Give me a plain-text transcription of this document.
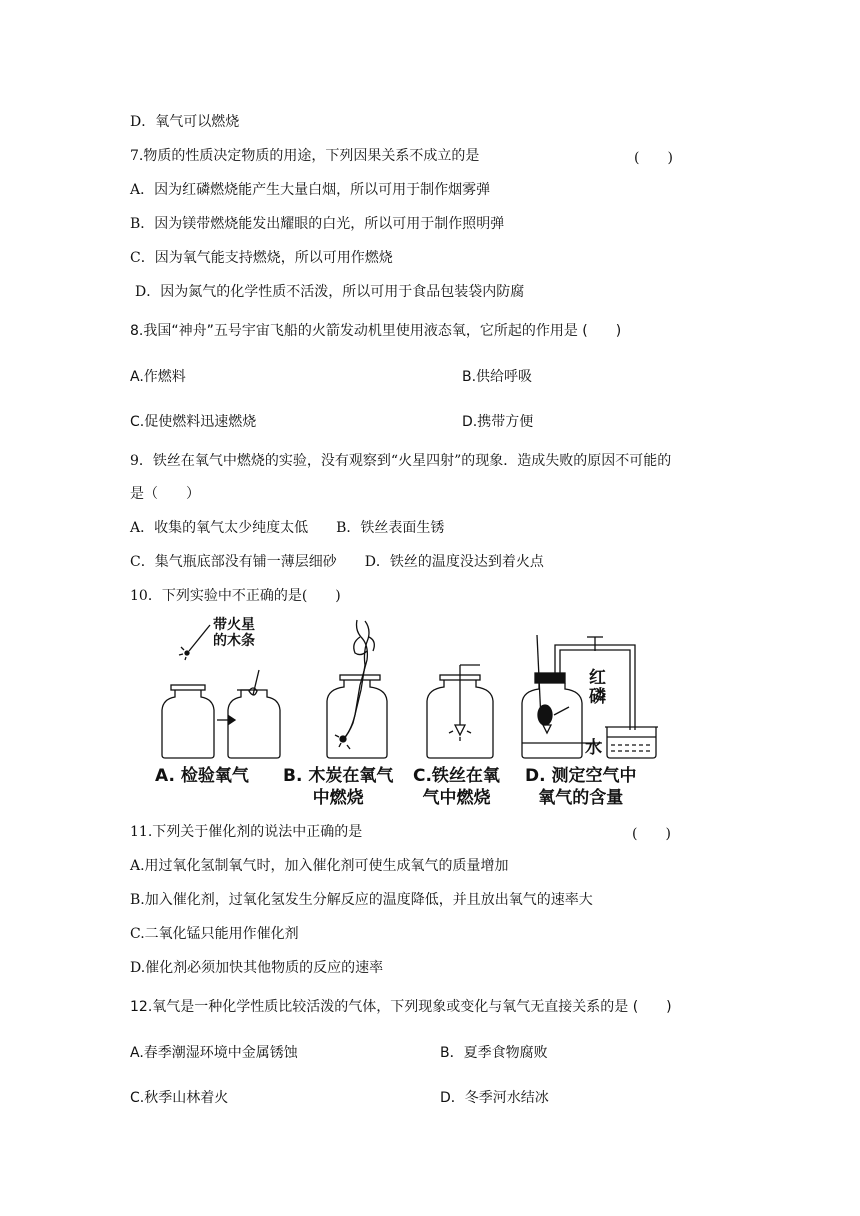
D．氧气可以燃烧
7.物质的性质决定物质的用途，下列因果关系不成立的是	(　　)
A．因为红磷燃烧能产生大量白烟，所以可用于制作烟雾弹
B．因为镁带燃烧能发出耀眼的白光，所以可用于制作照明弹
C．因为氧气能支持燃烧，所以可用作燃烧
D．因为氮气的化学性质不活泼，所以可用于食品包装袋内防腐
8.我国“神舟”五号宇宙飞船的火箭发动机里使用液态氧，它所起的作用是 (　　)
A.作燃料	B.供给呼吸
C.促使燃料迅速燃烧	D.携带方便
9．铁丝在氧气中燃烧的实验，没有观察到“火星四射”的现象．造成失败的原因不可能的
是（　　）
A．收集的氧气太少纯度太低　　B．铁丝表面生锈
C．集气瓶底部没有铺一薄层细砂　　D．铁丝的温度没达到着火点
10．下列实验中不正确的是(　　)
带火星
的木条
红
磷
水
A. 检验氧气 B. 木炭在氧气
中燃烧
C.铁丝在氧
气中燃烧
D. 测定空气中
氧气的含量
11.下列关于催化剂的说法中正确的是	(　　)
A.用过氧化氢制氧气时，加入催化剂可使生成氧气的质量增加
B.加入催化剂，过氧化氢发生分解反应的温度降低，并且放出氧气的速率大
C.二氧化锰只能用作催化剂
D.催化剂必须加快其他物质的反应的速率
12.氧气是一种化学性质比较活泼的气体，下列现象或变化与氧气无直接关系的是 (　　)
A.春季潮湿环境中金属锈蚀	B．夏季食物腐败
C.秋季山林着火	D．冬季河水结冰
